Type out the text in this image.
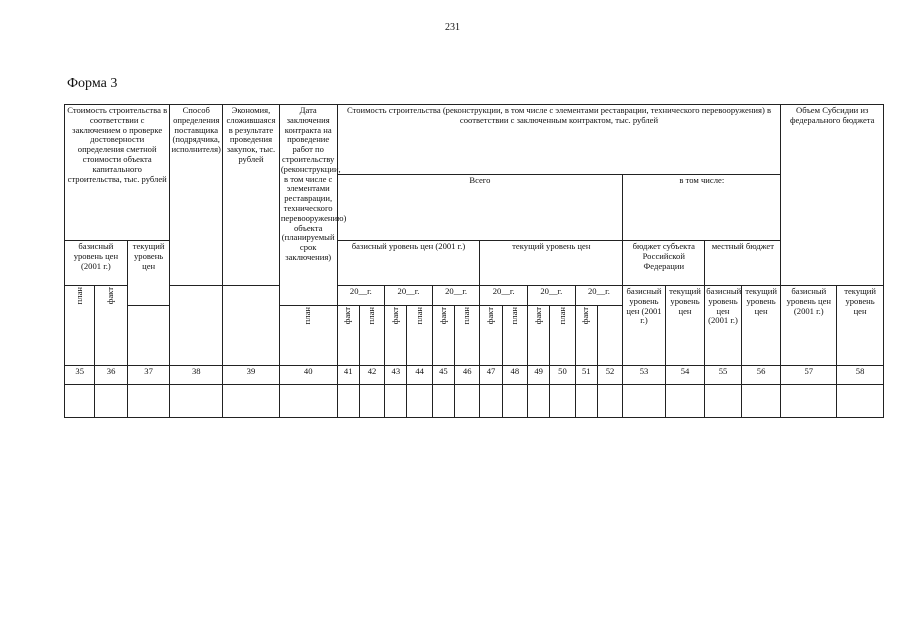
231
Форма 3
Стоимость строительства в соответствии с заключением о проверке достоверности определения сметной стоимости объекта капитального строительства, тыс. рублей			Способ определения поставщика (подрядчика, исполнителя)	Экономия, сложившаяся в результате проведения закупок, тыс. рублей	Дата заключения контракта на проведение работ по строительству (реконструкции, в том числе с элементами реставрации, технического перевооружению) объекта (планируемый срок заключения)	Стоимость строительства (реконструкции, в том числе с элементами реставрации, технического перевооружения) в соответствии с заключенным контрактом, тыс. рублей																Объем Субсидии из федерального бюджета	
						Всего												в том числе:					
базисный уровень цен (2001 г.)		текущий уровень цен				базисный уровень цен (2001 г.)						текущий уровень цен						бюджет субъекта Российской Федерации		местный бюджет			

план	факт					20__г.		20__г.		20__г.		20__г.		20__г.		20__г.		базисный уровень цен (2001 г.)	текущий уровень цен	базисный уровень цен (2001 г.)	текущий уровень цен	базисный уровень цен (2001 г.)	текущий уровень цен
					план	факт	план	факт	план	факт	план	факт	план	факт	план	факт							
35	36	37	38	39	40	41	42	43	44	45	46	47	48	49	50	51	52	53	54	55	56	57	58
